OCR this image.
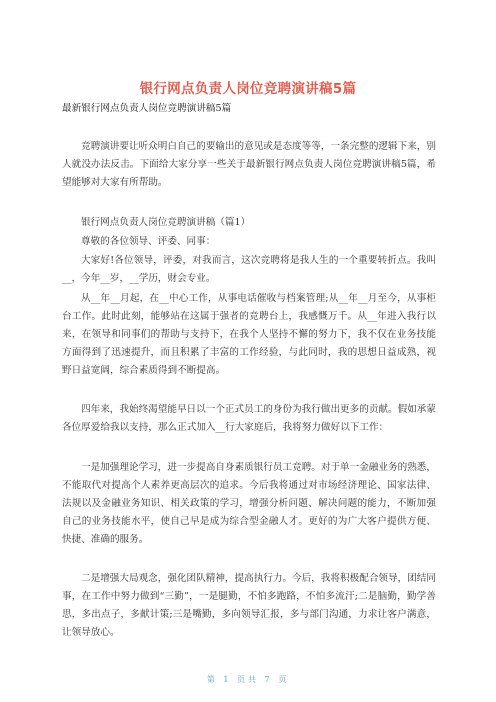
银行网点负责人岗位竞聘演讲稿5篇
最新银行网点负责人岗位竞聘演讲稿5篇

竞聘演讲要让听众明白自己的要输出的意见或是态度等等，一条完整的逻辑下来，别人就没办法反击。下面给大家分享一些关于最新银行网点负责人岗位竞聘演讲稿5篇，希望能够对大家有所帮助。

银行网点负责人岗位竞聘演讲稿（篇1）

尊敬的各位领导、评委、同事：

大家好!各位领导，评委，对我而言，这次竞聘将是我人生的一个重要转折点。我叫__，今年__岁，__学历，财会专业。

从__年__月起，在__中心工作，从事电话催收与档案管理;从__年__月至今，从事柜台工作。此时此刻，能够站在这属于强者的竞聘台上，我感慨万千。从__年进入我行以来，在领导和同事们的帮助与支持下，在我个人坚持不懈的努力下，我不仅在业务技能方面得到了迅速提升，而且积累了丰富的工作经验，与此同时，我的思想日益成熟，视野日益宽阔，综合素质得到不断提高。

四年来，我始终渴望能早日以一个正式员工的身份为我行做出更多的贡献。假如承蒙各位厚爱给我以支持，那么正式加入__行大家庭后，我将努力做好以下工作：

一是加强理论学习，进一步提高自身素质银行员工竞聘。对于单一金融业务的熟悉，不能取代对提高个人素养更高层次的追求。今后我将通过对市场经济理论、国家法律、法规以及金融业务知识、相关政策的学习，增强分析问题、解决问题的能力，不断加强自己的业务技能水平，使自己早是成为综合型金融人才。更好的为广大客户提供方便、快捷、准确的服务。

二是增强大局观念，强化团队精神，提高执行力。今后，我将积极配合领导，团结同事，在工作中努力做到“三勤”，一是腿勤，不怕多跑路，不怕多流汗;二是脑勤，勤学善思，多出点子，多献计策;三是嘴勤，多向领导汇报，多与部门沟通，力求让客户满意，让领导放心。

第 1 页共 7 页
